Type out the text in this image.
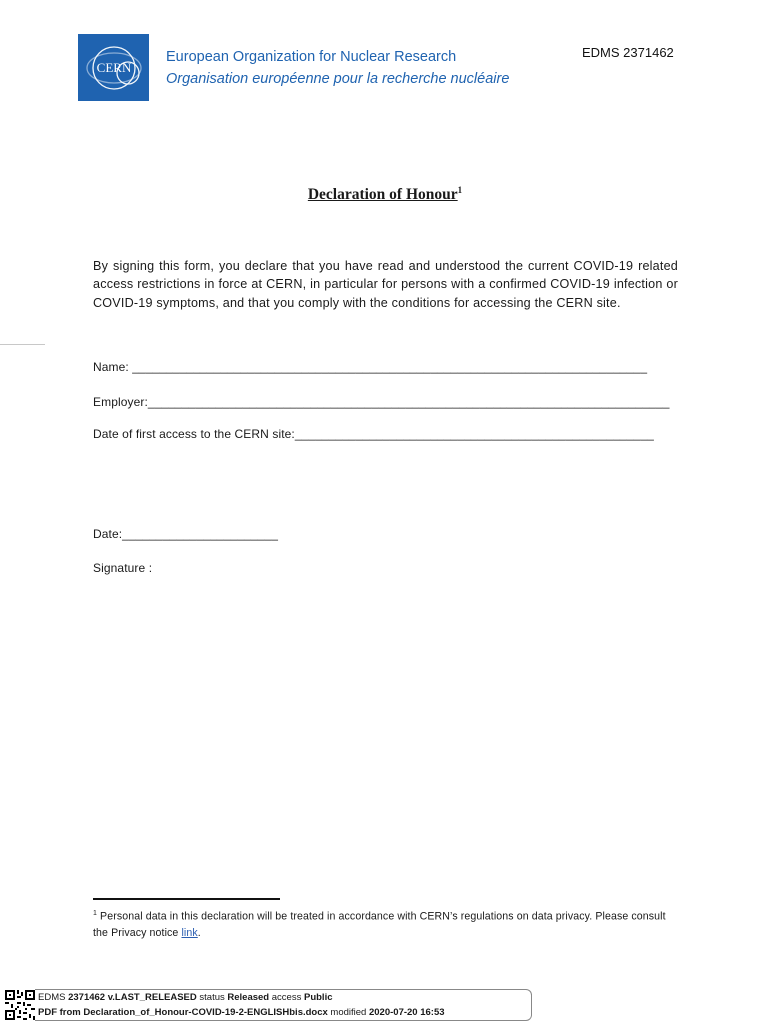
CERN
European Organization for Nuclear Research
Organisation européenne pour la recherche nucléaire
EDMS 2371462
Declaration of Honour$^1$
By signing this form, you declare that you have read and understood the current COVID-19 related access restrictions in force at CERN, in particular for persons with a confirmed COVID-19 infection or COVID-19 symptoms, and that you comply with the conditions for accessing the CERN site.
Name: ____________________________________________________________________________
Employer:_____________________________________________________________________________
Date of first access to the CERN site:_____________________________________________________
Date:_______________________
Signature :
$^1$ Personal data in this declaration will be treated in accordance with CERN’s regulations on data privacy. Please consult the Privacy notice link.
EDMS 2371462 v.LAST_RELEASED status Released access Public
PDF from Declaration_of_Honour-COVID-19-2-ENGLISHbis.docx modified 2020-07-20 16:53
